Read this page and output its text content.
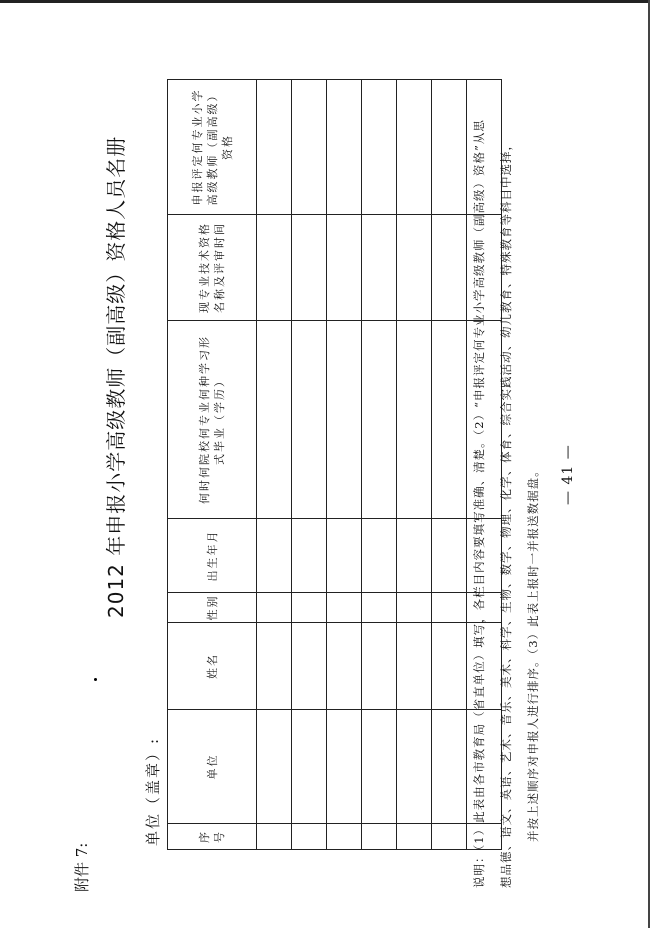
附件 7:
2012 年申报小学高级教师（副高级）资格人员名册
单位（盖章）:	序号	单位	姓名	性别	出生年月	何时何院校何专业何种学习形式毕业（学历）	现专业技术资格名称及评审时间	申报评定何专业小学高级教师（副高级）资格

								说明：（1）此表由各市教育局（省直单位）填写，各栏目内容要填写准确、清楚。（2）“申报评定何专业小学高级教师（副高级）资格”从思	想品德、语文、英语、艺术、音乐、美术、科学、生物、数学、物理、化学、体育、综合实践活动、幼儿教育、特殊教育等科目中选择，	并按上述顺序对申报人进行排序。（3）此表上报时一并报送数据盘。	— 41 —
